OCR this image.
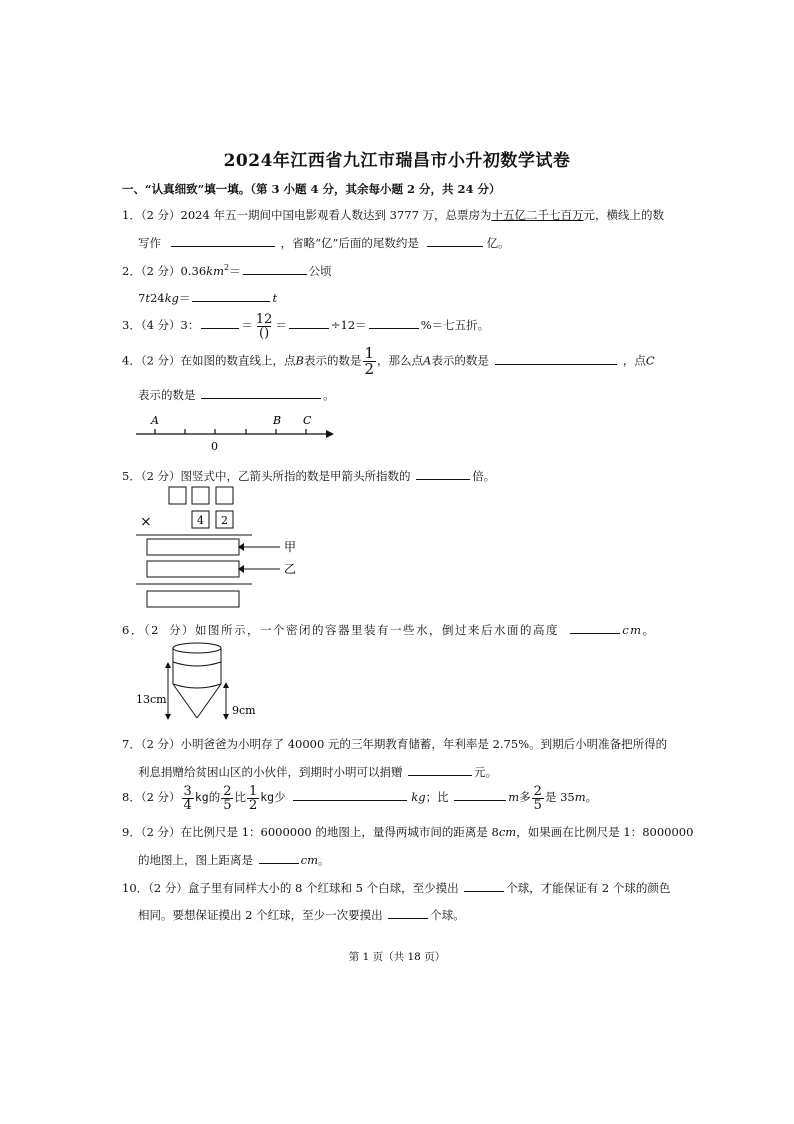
2024年江西省九江市瑞昌市小升初数学试卷
一、“认真细致”填一填。（第 3 小题 4 分，其余每小题 2 分，共 24 分）
1．（2 分）2024 年五一期间中国电影观看人数达到 3777 万，总票房为十五亿二千七百万元，横线上的数
写作	，省略“亿”后面的尾数约是	亿。
2．（2 分）$0.36km^2=$	公顷
7t24kg＝	t
3．（4 分）3：	＝ $\frac{12}{()}$ ＝	÷12＝	%＝七五折。
4．（2 分）在如图的数直线上，点B表示的数是 $\frac{1}{2}$ ，那么点A表示的数是	，点C
表示的数是	。
A	B C
0
5．（2 分）图竖式中，乙箭头所指的数是甲箭头所指数的	倍。
×	4 2
甲
乙
6．（2 分）如图所示，一个密闭的容器里装有一些水，倒过来后水面的高度	cm。
13cm
9cm
7．（2 分）小明爸爸为小明存了 40000 元的三年期教育储蓄，年利率是 2.75%。到期后小明准备把所得的
利息捐赠给贫困山区的小伙伴，到期时小明可以捐赠	元。
8．（2 分） $\frac{3}{4}$ kg的 $\frac{2}{5}$ 比 $\frac{1}{2}$ kg少	kg；比	m多 $\frac{2}{5}$ 是 35m。
9．（2 分）在比例尺是 1：6000000 的地图上，量得两城市间的距离是 8cm，如果画在比例尺是 1：8000000
的地图上，图上距离是	cm。
10．（2 分）盒子里有同样大小的 8 个红球和 5 个白球，至少摸出	个球，才能保证有 2 个球的颜色
相同。要想保证摸出 2 个红球，至少一次要摸出	个球。
第 1 页（共 18 页）
